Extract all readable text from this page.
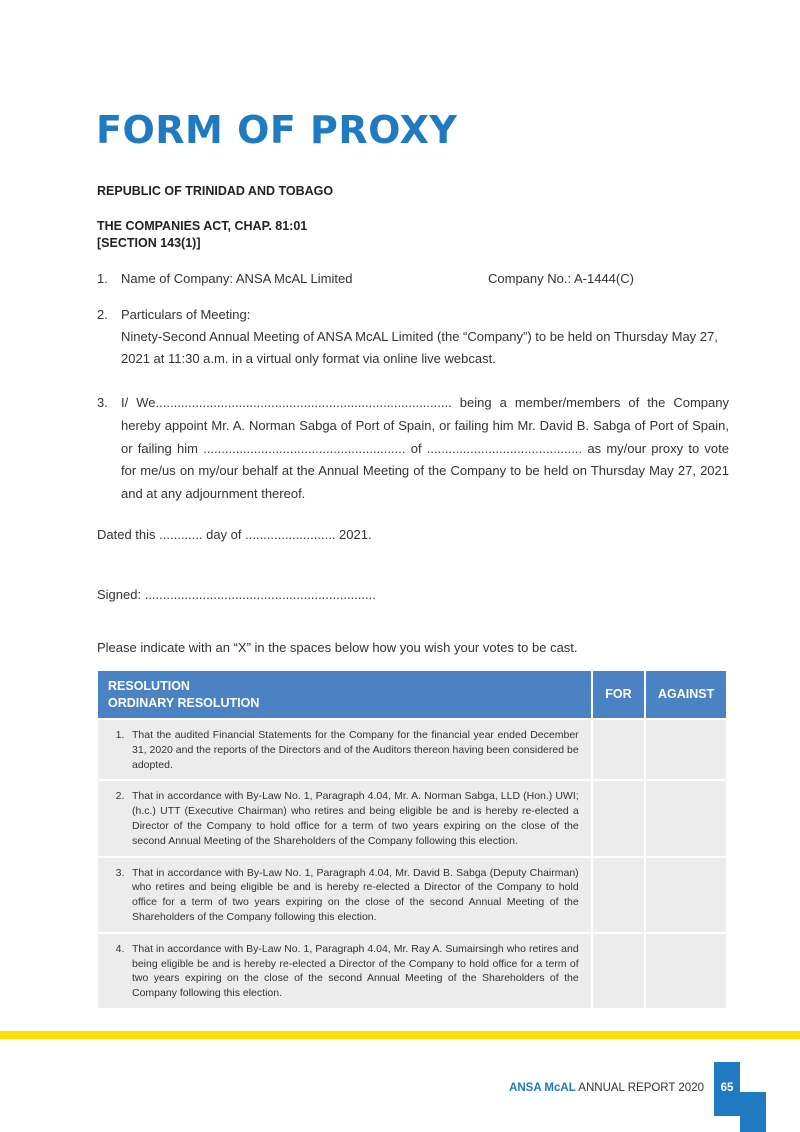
FORM OF PROXY
REPUBLIC OF TRINIDAD AND TOBAGO
THE COMPANIES ACT, CHAP. 81:01
[SECTION 143(1)]
1. Name of Company: ANSA McAL Limited	Company No.: A-1444(C)
2. Particulars of Meeting:
Ninety-Second Annual Meeting of ANSA McAL Limited (the “Company”) to be held on Thursday May 27, 2021 at 11:30 a.m. in a virtual only format via online live webcast.
3. I/ We.................................................................................. being a member/members of the Company hereby appoint Mr. A. Norman Sabga of Port of Spain, or failing him Mr. David B. Sabga of Port of Spain, or failing him ........................................................ of ........................................... as my/our proxy to vote for me/us on my/our behalf at the Annual Meeting of the Company to be held on Thursday May 27, 2021 and at any adjournment thereof.
Dated this ............ day of ......................... 2021.
Signed: ................................................................
Please indicate with an “X” in the spaces below how you wish your votes to be cast.
RESOLUTION
ORDINARY RESOLUTION	FOR	AGAINST

1. That the audited Financial Statements for the Company for the financial year ended December 31, 2020 and the reports of the Directors and of the Auditors thereon having been considered be adopted.		

2. That in accordance with By-Law No. 1, Paragraph 4.04, Mr. A. Norman Sabga, LLD (Hon.) UWI; (h.c.) UTT (Executive Chairman) who retires and being eligible be and is hereby re-elected a Director of the Company to hold office for a term of two years expiring on the close of the second Annual Meeting of the Shareholders of the Company following this election.		

3. That in accordance with By-Law No. 1, Paragraph 4.04, Mr. David B. Sabga (Deputy Chairman) who retires and being eligible be and is hereby re-elected a Director of the Company to hold office for a term of two years expiring on the close of the second Annual Meeting of the Shareholders of the Company following this election.		

4. That in accordance with By-Law No. 1, Paragraph 4.04, Mr. Ray A. Sumairsingh who retires and being eligible be and is hereby re-elected a Director of the Company to hold office for a term of two years expiring on the close of the second Annual Meeting of the Shareholders of the Company following this election.		

ANSA McAL ANNUAL REPORT 2020	65
